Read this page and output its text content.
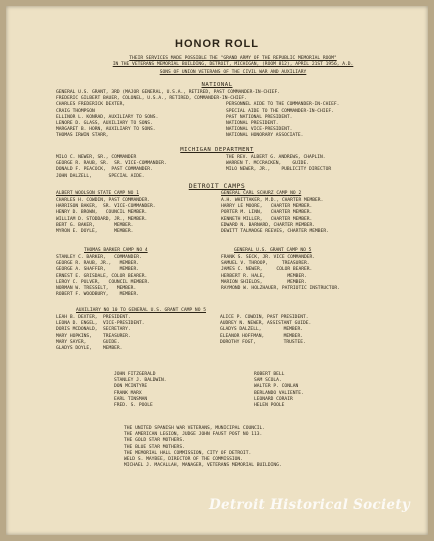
HONOR ROLL
THEIR SERVICES MADE POSSIBLE THE "GRAND ARMY OF THE REPUBLIC MEMORIAL ROOM"
IN THE VETERANS MEMORIAL BUILDING, DETROIT, MICHIGAN, (ROOM 812), APRIL 21ST 1956, A.D.
SONS OF UNION VETERANS OF THE CIVIL WAR AND AUXILIARY
NATIONAL
GENERAL U.S. GRANT, 3RD (MAJOR GENERAL, U.S.A., RETIRED, PAST COMMANDER-IN-CHIEF.
FREDERIC GILBERT BAUER, COLONEL, U.S.A., RETIRED, COMMANDER-IN-CHIEF.
CHARLES FREDERICK DEXTER,
CRAIG THOMPSON
ELLINOR L. KONRAD, AUXILIARY TO SONS.
LENORE D. GLASS, AUXILIARY TO SONS.
MARGARET B. HORN, AUXILIARY TO SONS.
THOMAS IRWIN STARR,

PERSONNEL AIDE TO THE COMMANDER-IN-CHIEF.
SPECIAL AIDE TO THE COMMANDER-IN-CHIEF.
PAST NATIONAL PRESIDENT.
NATIONAL PRESIDENT.
NATIONAL VICE-PRESIDENT.
NATIONAL HONORARY ASSOCIATE.
MICHIGAN DEPARTMENT
MILO C. NEWER, SR., COMMANDER
GEORGE R. RAUB, SR.  SR. VICE-COMMANDER.
DONALD F. PEACOCK,  PAST COMMANDER.
JOHN DALZELL,      SPECIAL AIDE.
THE REV. ALBERT G. ANDREWS, CHAPLIN.
WARREN T. MCCRACKEN,    GUIDE.
MILO NEWER, JR.,    PUBLICITY DIRECTOR

DETROIT CAMPS
ALBERT WOOLSON STATE CAMP NO 1
CHARLES H. COWDIN, PAST COMMANDER.
HARRISON BAKER,  SR. VICE-COMMANDER.
HENRY D. BROWN,   COUNCIL MEMBER.
WILLIAM D. STODDARD, JR., MEMBER.
BERT G. BAKER,       MEMBER.
MYRON E. DOYLE,      MEMBER.
GENERAL CARL SCHURZ CAMP NO 2
A.H. WHITTAKER, M.D., CHARTER MEMBER.
HARRY LE MOORE,   CHARTER MEMBER.
PORTER M. LINN,   CHARTER MEMBER.
KENNETH MILLER,   CHARTER MEMBER.
EDWARD N. BARNARD, CHARTER MEMBER.
DEWITT TALMADGE REEVES, CHARTER MEMBER.
THOMAS BARKER CAMP NO 4
STANLEY C. BARKER,   COMMANDER.
GEORGE R. RAUB, JR.,   MEMBER.
GEORGE A. SHAFFER,     MEMBER.
ERNEST E. GRISDALE, COLOR BEARER.
LEROY C. PULVER,   COUNCIL MEMBER.
NORMAN W. TRESSELT,   MEMBER.
ROBERT F. WOODBURY,    MEMBER.
GENERAL U.S. GRANT CAMP NO 5
FRANK S. SECK, JR. VICE COMMANDER.
SAMUEL V. THROOP,     TREASURER.
JAMES C. NEWER,     COLOR BEARER.
HERBERT R. HALE,        MEMBER.
MARION SHIELDS,         MEMBER.
RAYMOND W. HOLZHAUER, PATRIOTIC INSTRUCTOR.
AUXILIARY NO 10 TO GENERAL U.S. GRANT CAMP NO 5
LEAH B. DEXTER,  PRESIDENT.
LEONA D. ENGEL,  VICE-PRESIDENT.
DORIS MCDONALD,  SECRETARY.
MARY HOPKINS,    TREASURER.
MARY SAYER,      GUIDE.
GLADYS DOYLE,    MEMBER.
ALICE P. COWDIN, PAST PRESIDENT.
AUDREY N. NEWER, ASSISTANT GUIDE.
GLADYS DALZELL,        MEMBER.
ELEANOR HOFFMAN,       MEMBER.
DOROTHY FOGT,          TRUSTEE.

JOHN FITZGERALD
STANLEY J. BALDWIN.
DON MCINTYRE
FRANK MARX
EARL TINSMAN
FRED. S. POOLE
ROBERT BELL
SAM SCOLA.
WALTER P. CONLAN
BERLANDO VALIENTE.
LEONARD CORAIR
HELEN POOLE
THE UNITED SPANISH WAR VETERANS, MUNICIPAL COUNCIL.
THE AMERICAN LEGION, JUDGE JOHN FAUST POST NO 113.
THE GOLD STAR MOTHERS.
THE BLUE STAR MOTHERS.
THE MEMORIAL HALL COMMISSION, CITY OF DETROIT.
WELD S. MAYBEE, DIRECTOR OF THE COMMISSION.
MICHAEL J. MACALLAH, MANAGER, VETERANS MEMORIAL BUILDING.
Detroit Historical Society
